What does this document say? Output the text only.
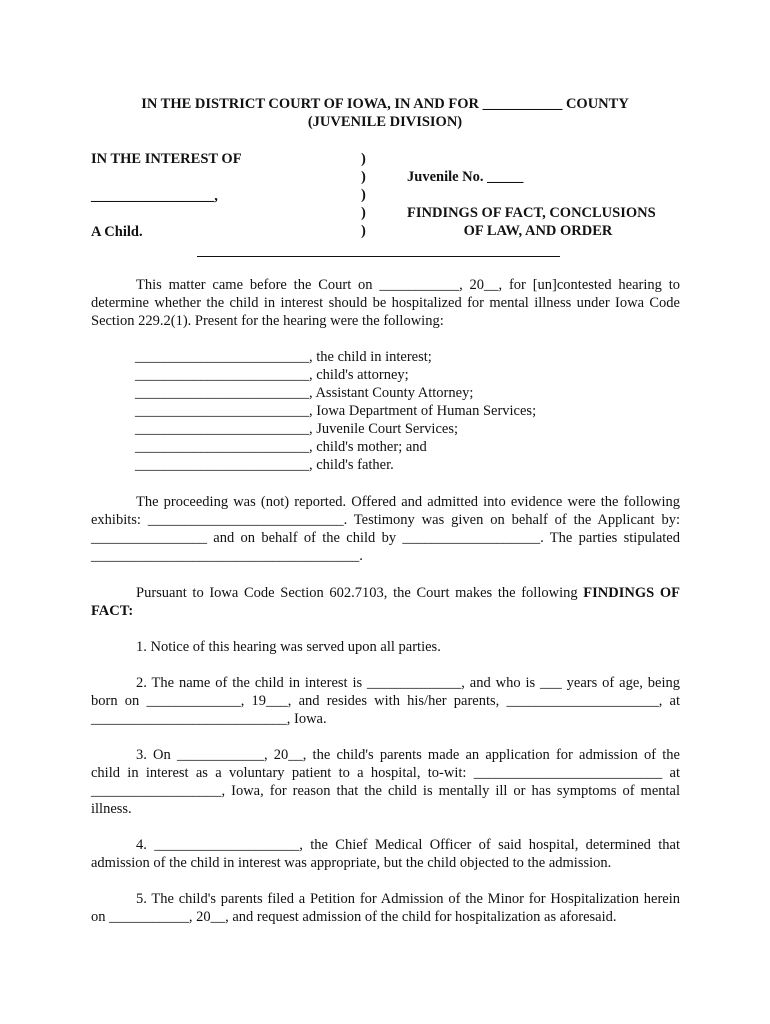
IN THE DISTRICT COURT OF IOWA, IN AND FOR ___________ COUNTY
(JUVENILE DIVISION)
IN THE INTEREST OF
_________________,
A Child.
)
)
)
)
)
Juvenile No. _____
FINDINGS OF FACT, CONCLUSIONS
OF LAW, AND ORDER
This matter came before the Court on ___________, 20__, for [un]contested hearing to
determine whether the child in interest should be hospitalized for mental illness under Iowa Code
Section 229.2(1). Present for the hearing were the following:
________________________, the child in interest;
________________________, child's attorney;
________________________, Assistant County Attorney;
________________________, Iowa Department of Human Services;
________________________, Juvenile Court Services;
________________________, child's mother; and
________________________, child's father.
The proceeding was (not) reported. Offered and admitted into evidence were the following
exhibits: ___________________________. Testimony was given on behalf of the Applicant by:
________________ and on behalf of the child by ___________________. The parties stipulated
_____________________________________.
Pursuant to Iowa Code Section 602.7103, the Court makes the following FINDINGS OF
FACT:
1. Notice of this hearing was served upon all parties.
2. The name of the child in interest is _____________, and who is ___ years of age, being
born on _____________, 19___, and resides with his/her parents, _____________________, at
___________________________, Iowa.
3. On ____________, 20__, the child's parents made an application for admission of the
child in interest as a voluntary patient to a hospital, to-wit: __________________________ at
__________________, Iowa, for reason that the child is mentally ill or has symptoms of mental
illness.
4. ____________________, the Chief Medical Officer of said hospital, determined that
admission of the child in interest was appropriate, but the child objected to the admission.
5. The child's parents filed a Petition for Admission of the Minor for Hospitalization herein
on ___________, 20__, and request admission of the child for hospitalization as aforesaid.
